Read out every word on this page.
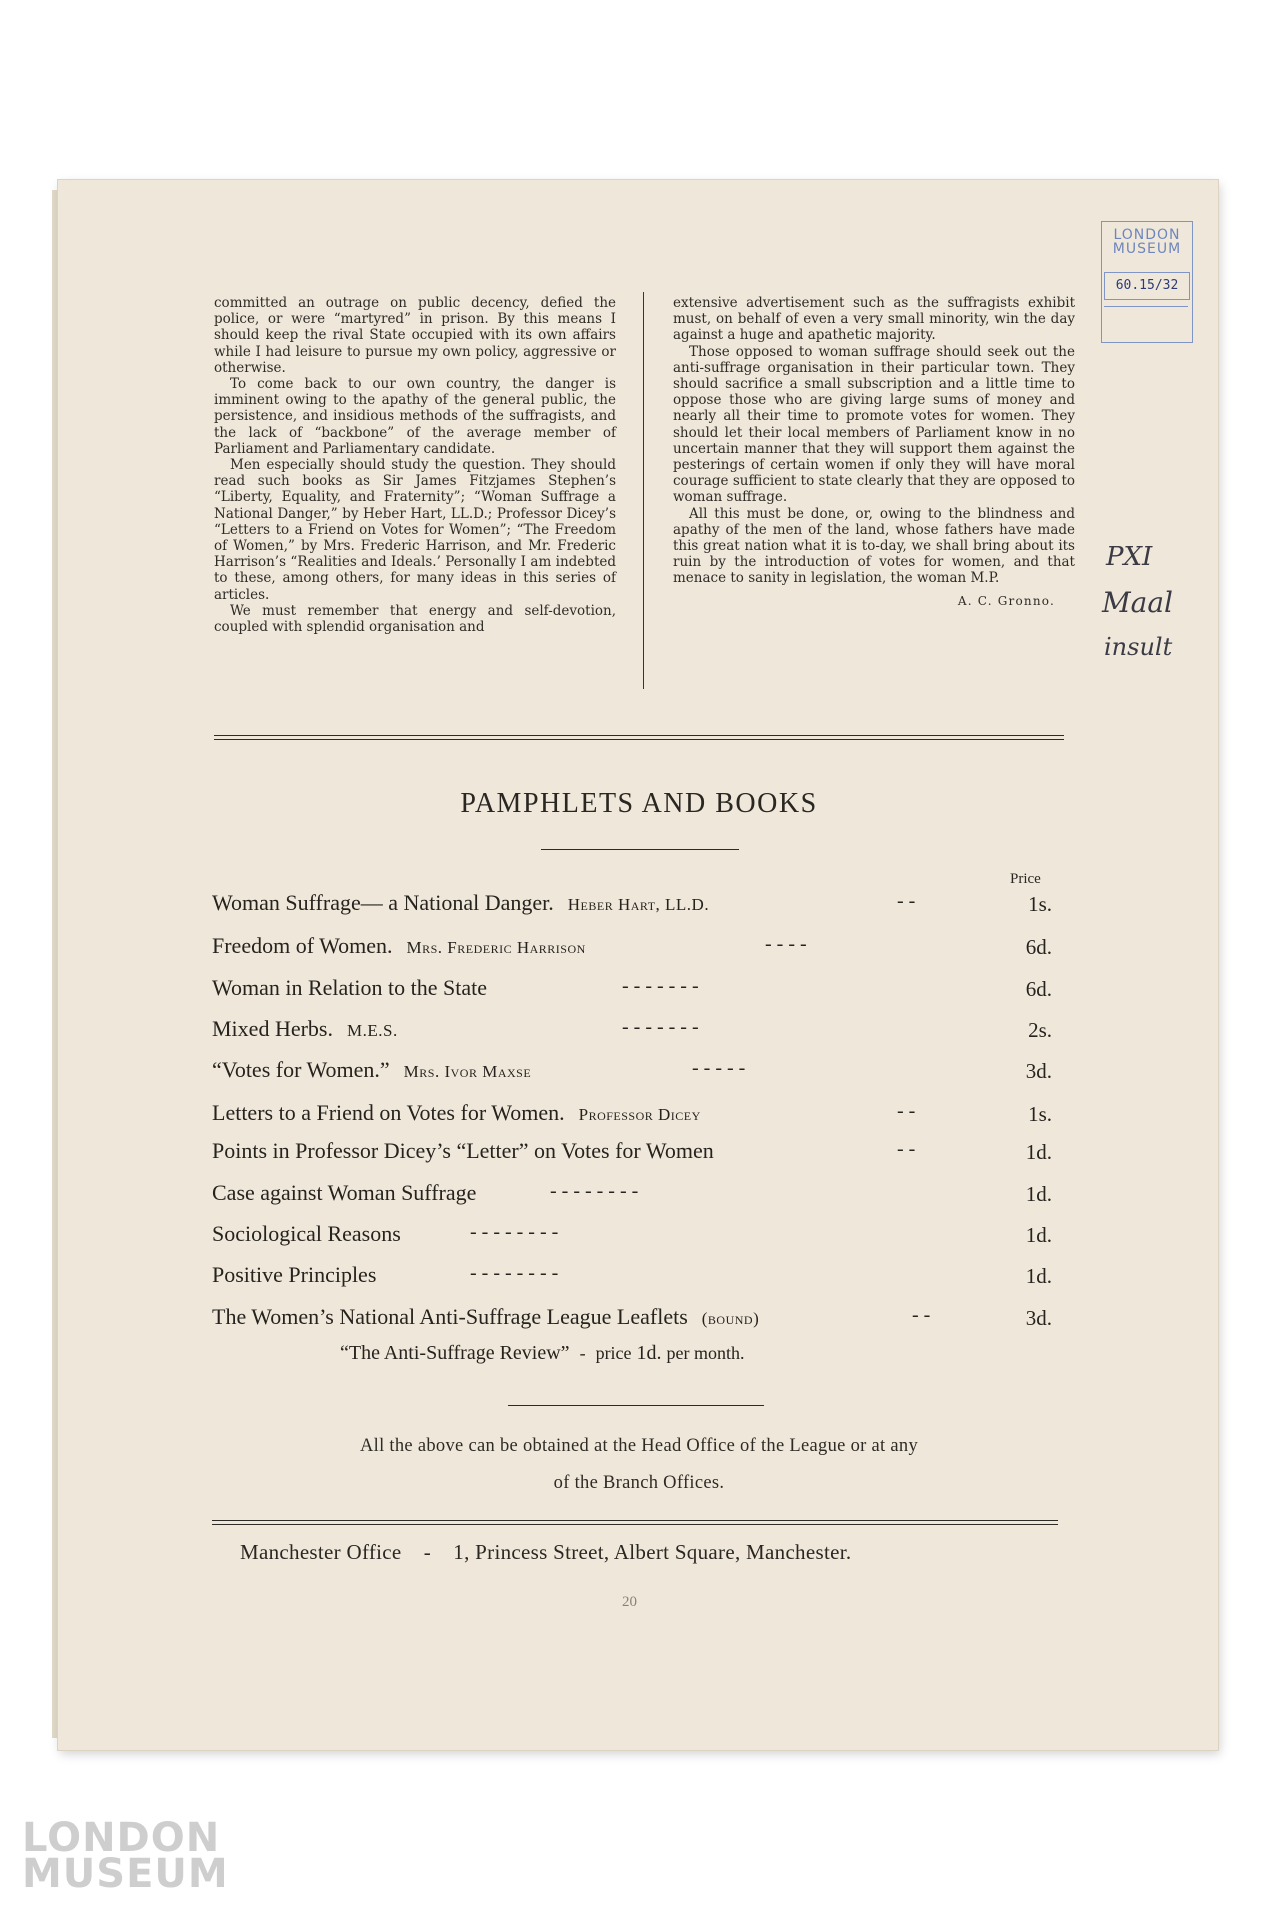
committed an outrage on public decency, defied the police, or were “martyred” in prison. By this means I should keep the rival State occupied with its own affairs while I had leisure to pursue my own policy, aggressive or otherwise.

To come back to our own country, the danger is imminent owing to the apathy of the general public, the persistence, and insidious methods of the suffragists, and the lack of “backbone” of the average member of Parliament and Parliamentary candidate.

Men especially should study the question. They should read such books as Sir James Fitzjames Stephen’s “Liberty, Equality, and Fraternity”; “Woman Suffrage a National Danger,” by Heber Hart, LL.D.; Professor Dicey’s “Letters to a Friend on Votes for Women”; “The Freedom of Women,” by Mrs. Frederic Harrison, and Mr. Frederic Harrison’s “Realities and Ideals.’ Personally I am indebted to these, among others, for many ideas in this series of articles.

We must remember that energy and self-devotion, coupled with splendid organisation and

extensive advertisement such as the suffragists exhibit must, on behalf of even a very small minority, win the day against a huge and apathetic majority.

Those opposed to woman suffrage should seek out the anti-suffrage organisation in their particular town. They should sacrifice a small subscription and a little time to oppose those who are giving large sums of money and nearly all their time to promote votes for women. They should let their local members of Parliament know in no uncertain manner that they will support them against the pesterings of certain women if only they will have moral courage sufficient to state clearly that they are opposed to woman suffrage.

All this must be done, or, owing to the blindness and apathy of the men of the land, whose fathers have made this great nation what it is to-day, we shall bring about its ruin by the introduction of votes for women, and that menace to sanity in legislation, the woman M.P.

A. C. Gronno.
PAMPHLETS AND BOOKS
Price
Woman Suffrage— a National Danger. Heber Hart, LL.D.	- -	1s.
Freedom of Women. Mrs. Frederic Harrison	- - - -	6d.
Woman in Relation to the State	- - - - - - -	6d.
Mixed Herbs. M.E.S.	- - - - - - -	2s.
“Votes for Women.” Mrs. Ivor Maxse	- - - - -	3d.
Letters to a Friend on Votes for Women. Professor Dicey	- -	1s.
Points in Professor Dicey’s “Letter” on Votes for Women	- -	1d.
Case against Woman Suffrage	- - - - - - - -	1d.
Sociological Reasons	- - - - - - - -	1d.
Positive Principles	- - - - - - - -	1d.
The Women’s National Anti-Suffrage League Leaflets (bound)	- -	3d.
“The Anti-Suffrage Review” - price 1d. per month.
All the above can be obtained at the Head Office of the League or at any
of the Branch Offices.
Manchester Office - 1, Princess Street, Albert Square, Manchester.
20
LONDON
MUSEUM
60.15/32
PXI
Maal
insult
LONDON
MUSEUM
